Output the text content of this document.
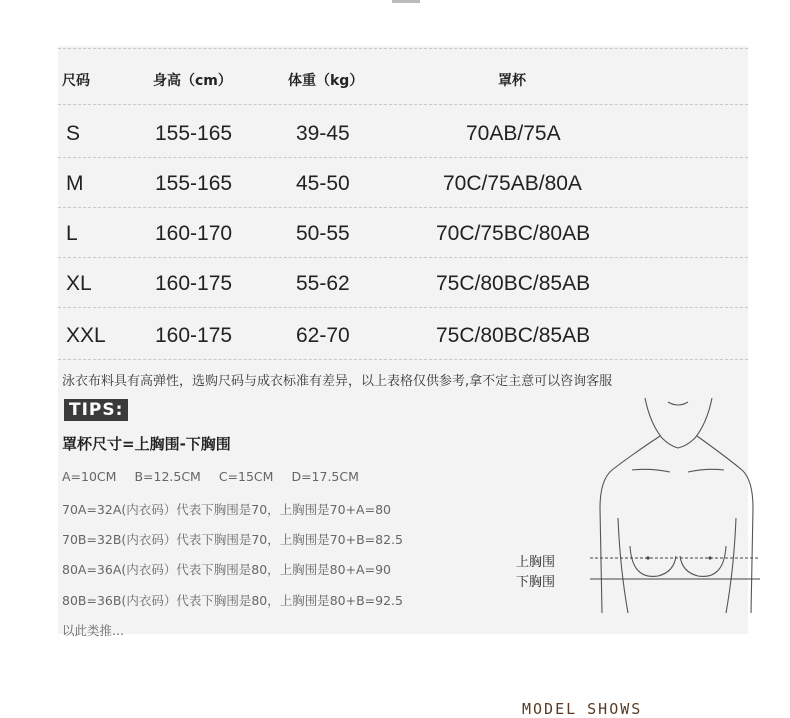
尺码	身高（cm）	体重（kg）	罩杯
S	155-165	39-45	70AB/75A
M	155-165	45-50	70C/75AB/80A
L	160-170	50-55	70C/75BC/80AB
XL	160-175	55-62	75C/80BC/85AB
XXL 160-175	62-70	75C/80BC/85AB
泳衣布料具有高弹性，选购尺码与成衣标准有差异，以上表格仅供参考,拿不定主意可以咨询客服
TIPS:
罩杯尺寸=上胸围-下胸围
A=10CM B=12.5CM C=15CM D=17.5CM
70A=32A(内衣码）代表下胸围是70，上胸围是70+A=80
70B=32B(内衣码）代表下胸围是70，上胸围是70+B=82.5
80A=36A(内衣码）代表下胸围是80，上胸围是80+A=90
80B=36B(内衣码）代表下胸围是80，上胸围是80+B=92.5
以此类推...
上胸围
下胸围
MODEL SHOWS
